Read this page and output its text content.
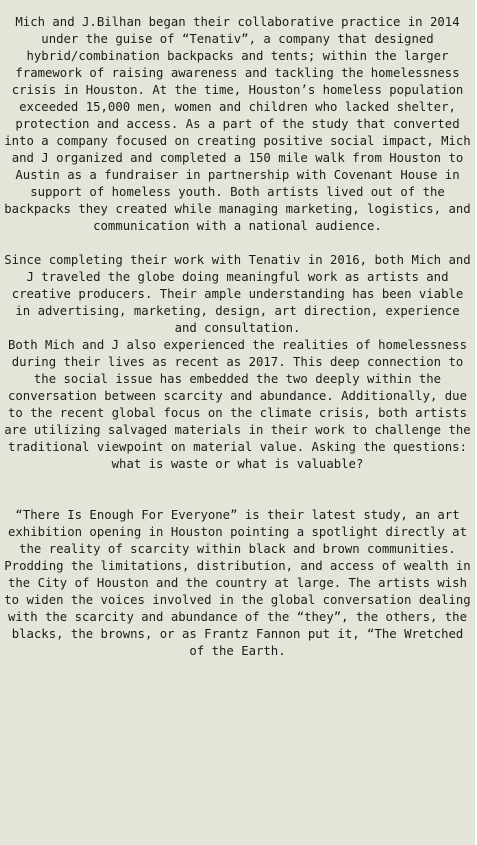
Mich and J.Bilhan began their collaborative practice in 2014 under the guise of “Tenativ”, a company that designed hybrid/combination backpacks and tents; within the larger framework of raising awareness and tackling the homelessness crisis in Houston. At the time, Houston’s homeless population exceeded 15,000 men, women and children who lacked shelter, protection and access. As a part of the study that converted into a company focused on creating positive social impact, Mich and J organized and completed a 150 mile walk from Houston to Austin as a fundraiser in partnership with Covenant House in support of homeless youth. Both artists lived out of the backpacks they created while managing marketing, logistics, and communication with a national audience.

Since completing their work with Tenativ in 2016, both Mich and J traveled the globe doing meaningful work as artists and creative producers. Their ample understanding has been viable in advertising, marketing, design, art direction, experience and consultation.

Both Mich and J also experienced the realities of homelessness during their lives as recent as 2017. This deep connection to the social issue has embedded the two deeply within the conversation between scarcity and abundance. Additionally, due to the recent global focus on the climate crisis, both artists are utilizing salvaged materials in their work to challenge the traditional viewpoint on material value. Asking the questions: what is waste or what is valuable?

“There Is Enough For Everyone” is their latest study, an art exhibition opening in Houston pointing a spotlight directly at the reality of scarcity within black and brown communities. Prodding the limitations, distribution, and access of wealth in the City of Houston and the country at large. The artists wish to widen the voices involved in the global conversation dealing with the scarcity and abundance of the “they”, the others, the blacks, the browns, or as Frantz Fannon put it, “The Wretched of the Earth.
